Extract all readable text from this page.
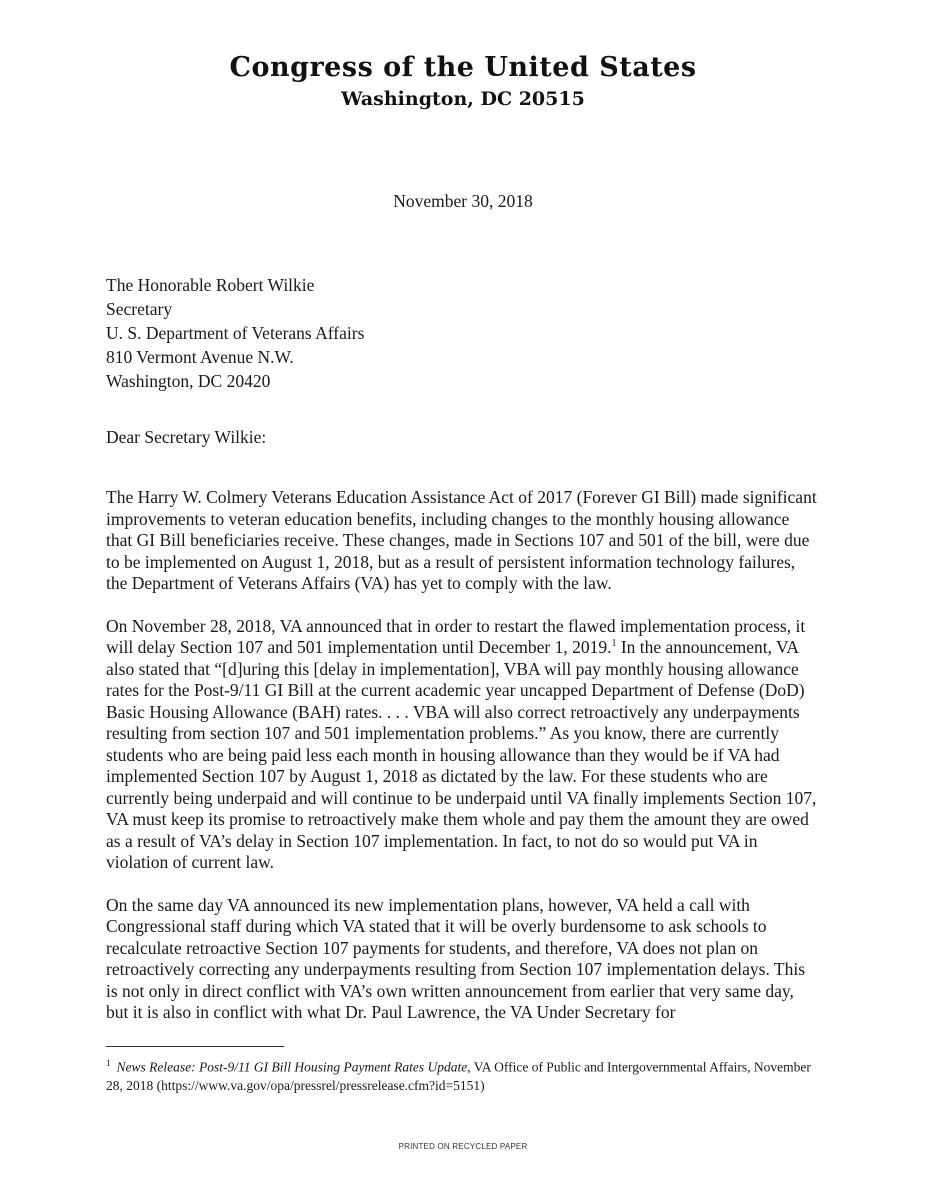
Congress of the United States
Washington, DC 20515
November 30, 2018
The Honorable Robert Wilkie
Secretary
U. S. Department of Veterans Affairs
810 Vermont Avenue N.W.
Washington, DC 20420
Dear Secretary Wilkie:

The Harry W. Colmery Veterans Education Assistance Act of 2017 (Forever GI Bill) made significant improvements to veteran education benefits, including changes to the monthly housing allowance that GI Bill beneficiaries receive. These changes, made in Sections 107 and 501 of the bill, were due to be implemented on August 1, 2018, but as a result of persistent information technology failures, the Department of Veterans Affairs (VA) has yet to comply with the law.

On November 28, 2018, VA announced that in order to restart the flawed implementation process, it will delay Section 107 and 501 implementation until December 1, 2019.$^1$ In the announcement, VA also stated that “[d]uring this [delay in implementation], VBA will pay monthly housing allowance rates for the Post-9/11 GI Bill at the current academic year uncapped Department of Defense (DoD) Basic Housing Allowance (BAH) rates. . . . VBA will also correct retroactively any underpayments resulting from section 107 and 501 implementation problems.” As you know, there are currently students who are being paid less each month in housing allowance than they would be if VA had implemented Section 107 by August 1, 2018 as dictated by the law. For these students who are currently being underpaid and will continue to be underpaid until VA finally implements Section 107, VA must keep its promise to retroactively make them whole and pay them the amount they are owed as a result of VA’s delay in Section 107 implementation. In fact, to not do so would put VA in violation of current law.

On the same day VA announced its new implementation plans, however, VA held a call with Congressional staff during which VA stated that it will be overly burdensome to ask schools to recalculate retroactive Section 107 payments for students, and therefore, VA does not plan on retroactively correcting any underpayments resulting from Section 107 implementation delays. This is not only in direct conflict with VA’s own written announcement from earlier that very same day, but it is also in conflict with what Dr. Paul Lawrence, the VA Under Secretary for

$^1$ News Release: Post-9/11 GI Bill Housing Payment Rates Update, VA Office of Public and Intergovernmental Affairs, November 28, 2018 (https://www.va.gov/opa/pressrel/pressrelease.cfm?id=5151)
PRINTED ON RECYCLED PAPER
